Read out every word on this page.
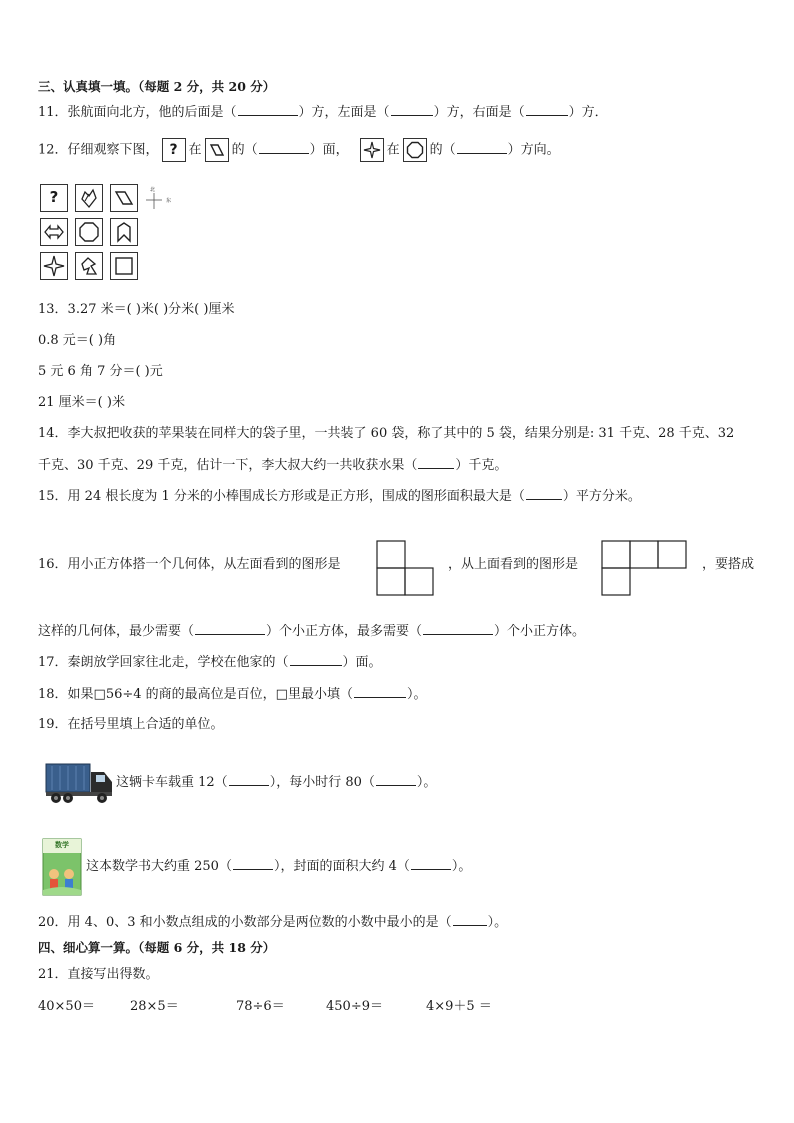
三、认真填一填。（每题 2 分，共 20 分）
11．张航面向北方，他的后面是（	）方，左面是（	）方，右面是（	）方．
12．仔细观察下图， ? 在 的（	）面，	在 的（	）方向。
?	北
东
13．3.27 米＝( )米( )分米( )厘米
0.8 元＝( )角
5 元 6 角 7 分＝( )元
21 厘米＝( )米
14．李大叔把收获的苹果装在同样大的袋子里，一共装了 60 袋，称了其中的 5 袋，结果分别是: 31 千克、28 千克、32
千克、30 千克、29 千克，估计一下，李大叔大约一共收获水果（	）千克。
15．用 24 根长度为 1 分米的小棒围成长方形或是正方形，围成的图形面积最大是（	）平方分米。
16．用小正方体搭一个几何体，从左面看到的图形是	，从上面看到的图形是	，要搭成
这样的几何体，最少需要（	）个小正方体，最多需要（	）个小正方体。
17．秦朗放学回家往北走，学校在他家的（	）面。
18．如果□56÷4 的商的最高位是百位，□里最小填（	）。
19．在括号里填上合适的单位。
这辆卡车载重 12（	），每小时行 80（	）。
数学
这本数学书大约重 250（	），封面的面积大约 4（	）。
20．用 4、0、3 和小数点组成的小数部分是两位数的小数中最小的是（	）。
四、细心算一算。（每题 6 分，共 18 分）
21．直接写出得数。
40×50＝	28×5＝	78÷6＝	450÷9＝	4×9＋5 ＝
